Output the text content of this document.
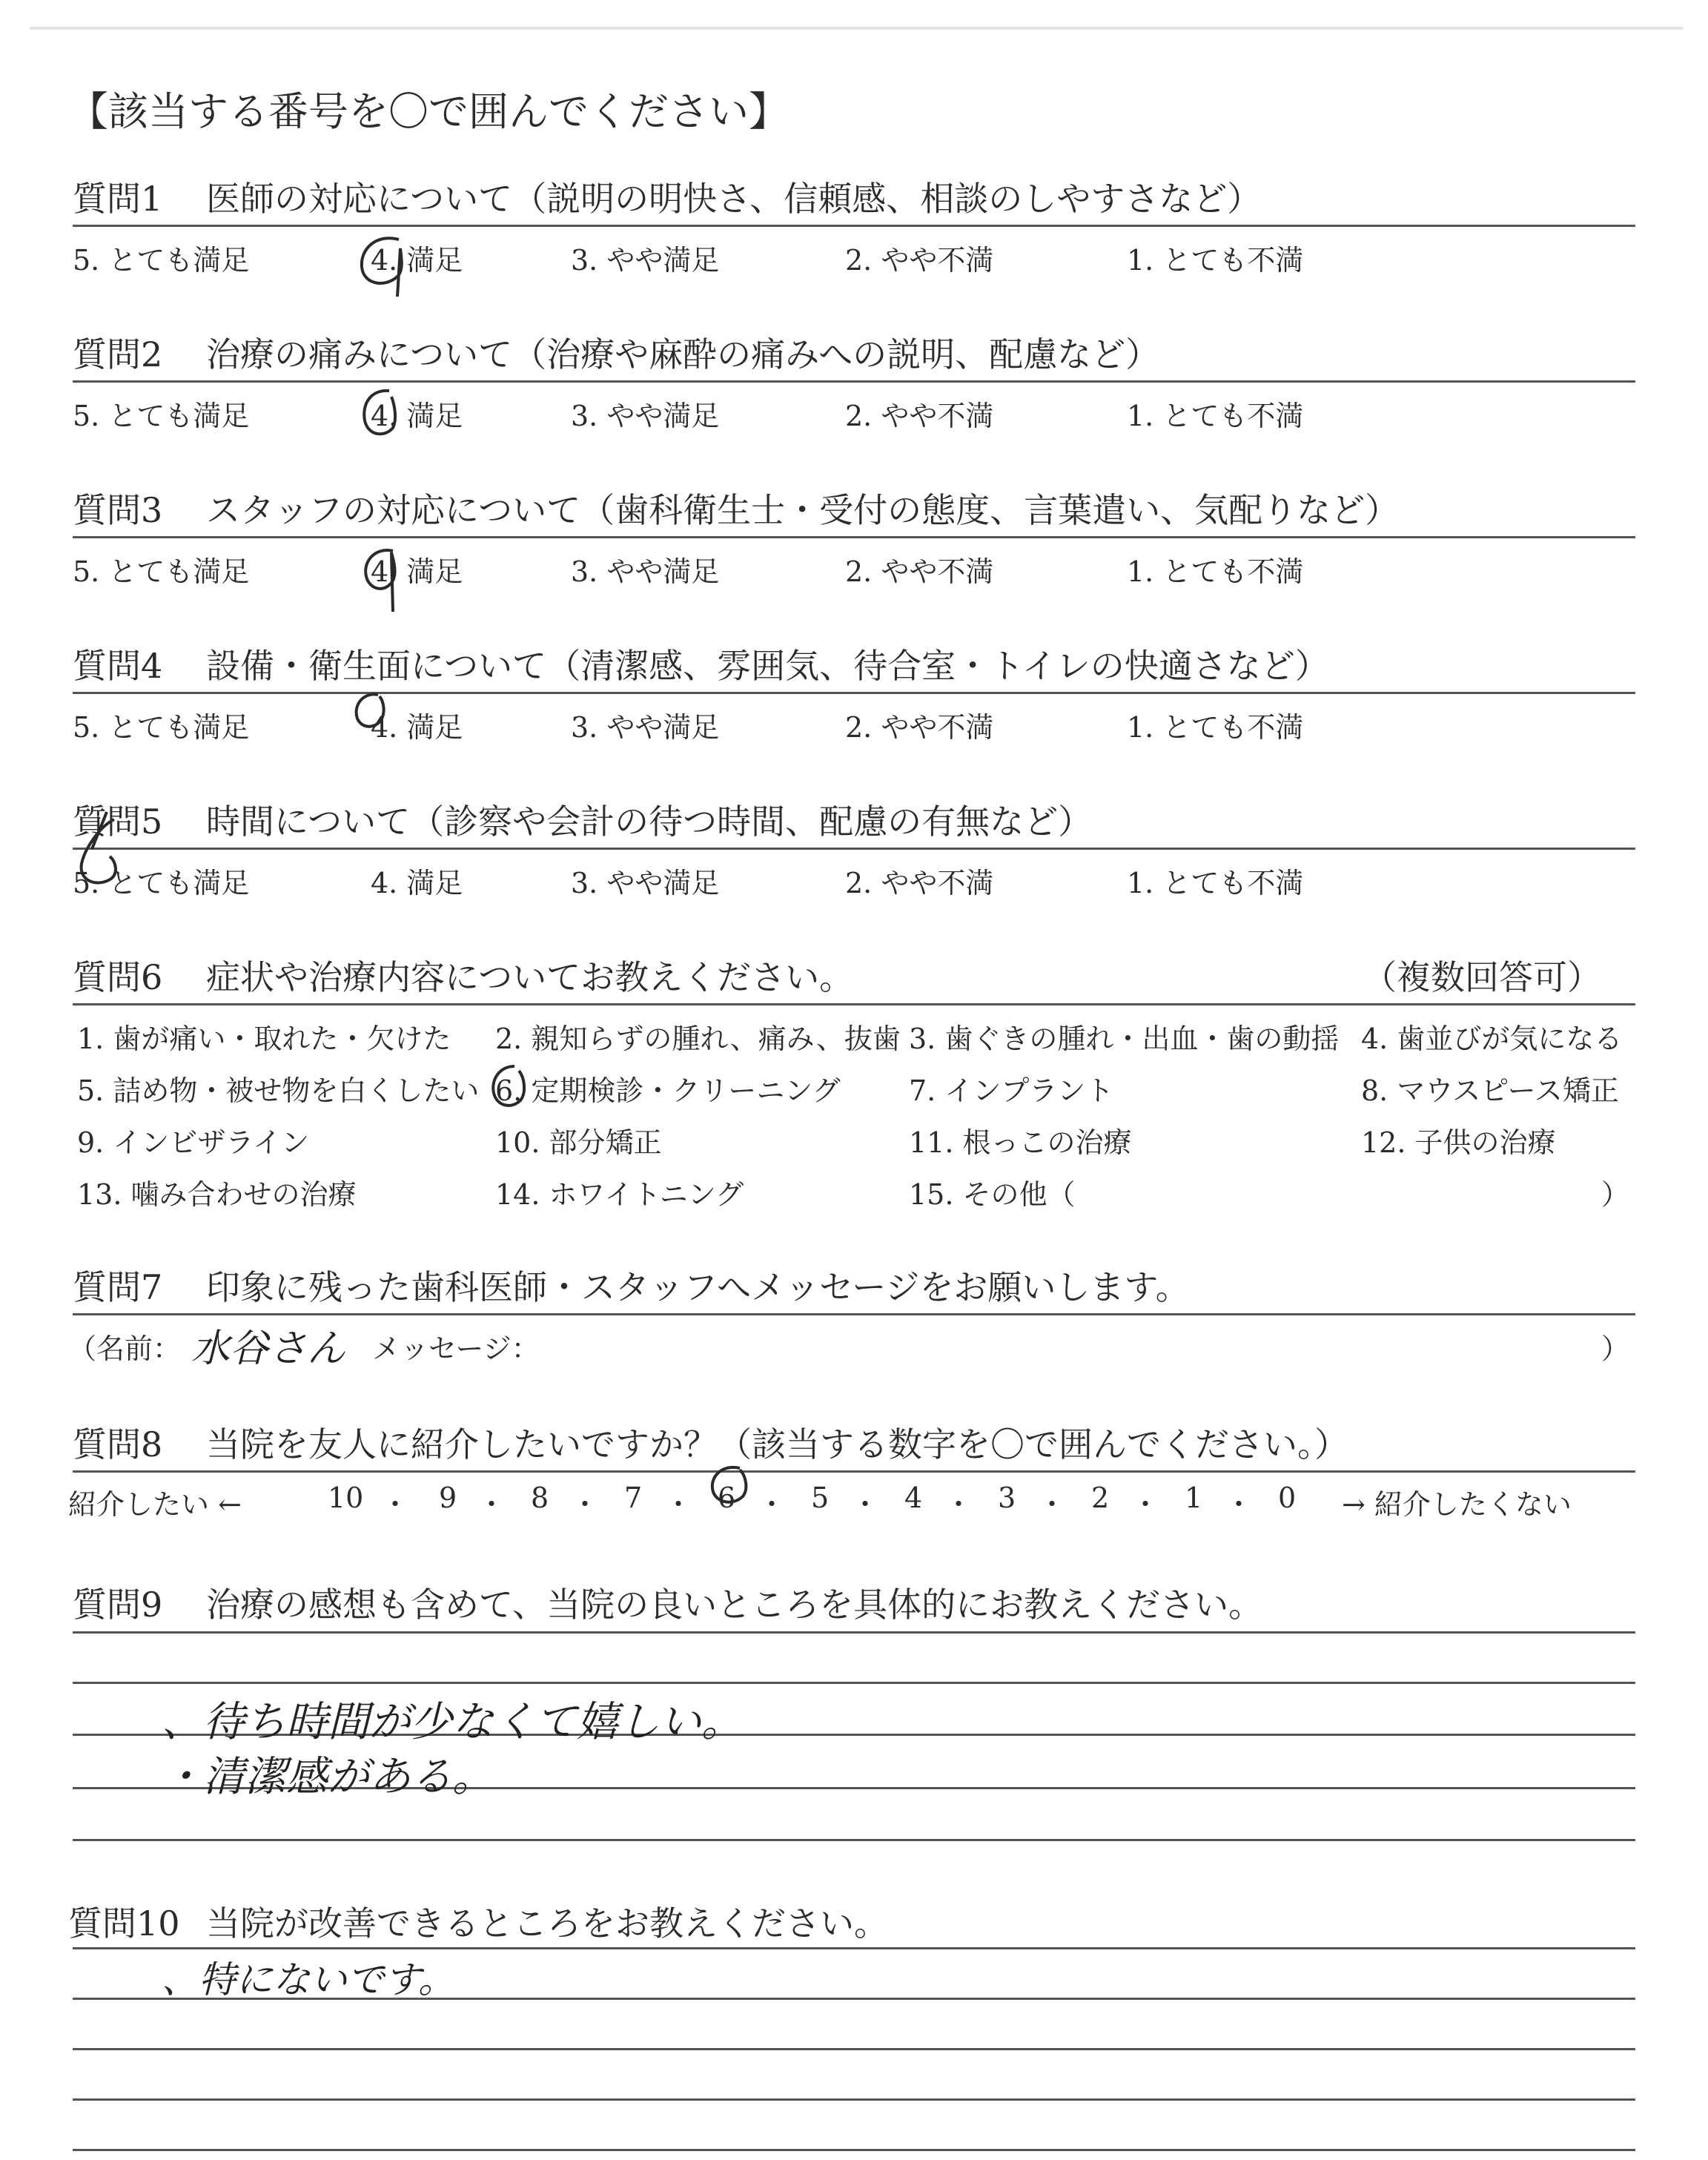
【該当する番号を〇で囲んでください】
質問1 医師の対応について（説明の明快さ、信頼感、相談のしやすさなど）
5. とても満足	4. 満足	3. やや満足	2. やや不満	1. とても不満
質問2 治療の痛みについて（治療や麻酔の痛みへの説明、配慮など）
5. とても満足	4. 満足	3. やや満足	2. やや不満	1. とても不満
質問3 スタッフの対応について（歯科衛生士・受付の態度、言葉遣い、気配りなど）
5. とても満足	4. 満足	3. やや満足	2. やや不満	1. とても不満
質問4 設備・衛生面について（清潔感、雰囲気、待合室・トイレの快適さなど）
5. とても満足	4. 満足	3. やや満足	2. やや不満	1. とても不満
質問5 時間について（診察や会計の待つ時間、配慮の有無など）
5. とても満足	4. 満足	3. やや満足	2. やや不満	1. とても不満
質問6 症状や治療内容についてお教えください。	（複数回答可）
1. 歯が痛い・取れた・欠けた 2. 親知らずの腫れ、痛み、抜歯 3. 歯ぐきの腫れ・出血・歯の動揺 4. 歯並びが気になる
5. 詰め物・被せ物を白くしたい 6. 定期検診・クリーニング 7. インプラント	8. マウスピース矯正
9. インビザライン	10. 部分矯正	11. 根っこの治療	12. 子供の治療
13. 噛み合わせの治療	14. ホワイトニング	15. その他（	）
質問7 印象に残った歯科医師・スタッフへメッセージをお願いします。
（名前： 水谷さん メッセージ：	）
質問8 当院を友人に紹介したいですか？（該当する数字を〇で囲んでください。）
紹介したい ←	→ 紹介したくない
10 ・ 9 ・ 8 ・ 7 ・ 6 ・ 5 ・ 4 ・ 3 ・ 2 ・ 1 ・ 0
質問9 治療の感想も含めて、当院の良いところを具体的にお教えください。
、待ち時間が少なくて嬉しい。
・清潔感がある。
質問10 当院が改善できるところをお教えください。
、特にないです。
